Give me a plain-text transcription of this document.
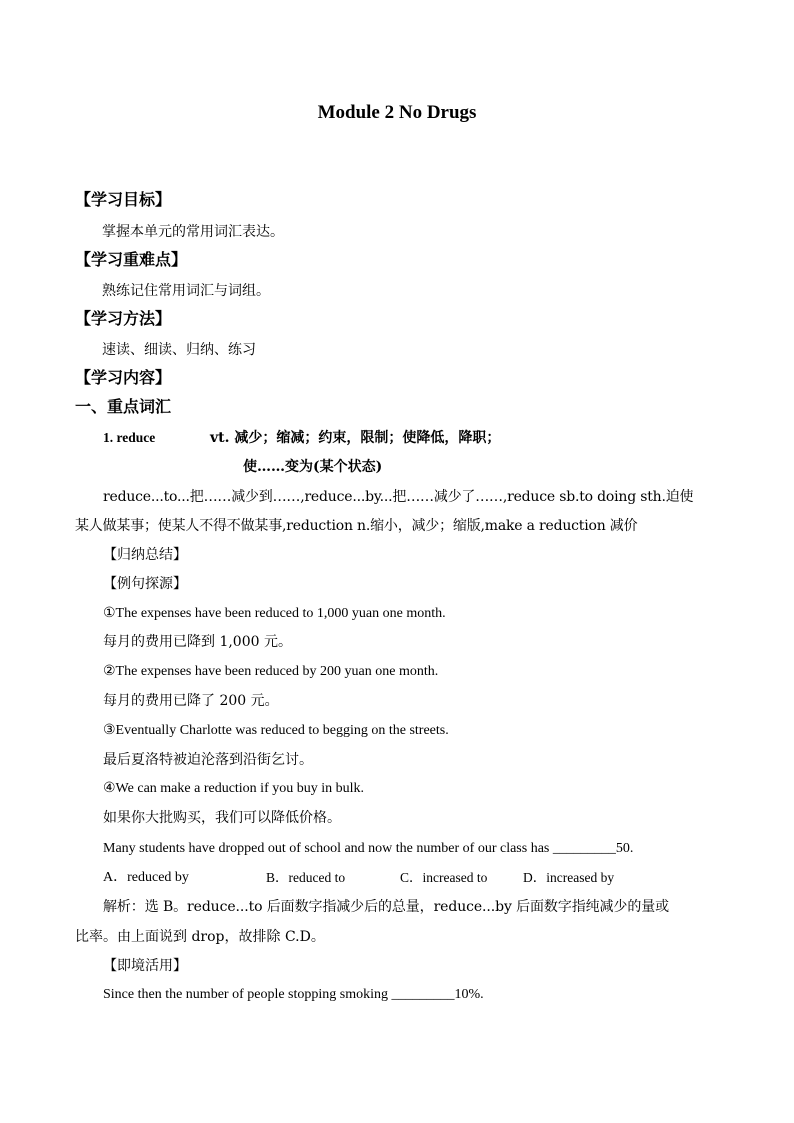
Module 2 No Drugs
【学习目标】
掌握本单元的常用词汇表达。
【学习重难点】
熟练记住常用词汇与词组。
【学习方法】
速读、细读、归纳、练习
【学习内容】
一、重点词汇
1. reduce	vt. 减少；缩减；约束，限制；使降低，降职；
使……变为(某个状态)
reduce...to...把……减少到……,reduce...by...把……减少了……,reduce sb.to doing sth.迫使
某人做某事；使某人不得不做某事,reduction n.缩小，减少；缩版,make a reduction 减价
【归纳总结】
【例句探源】
①The expenses have been reduced to 1,000 yuan one month.
每月的费用已降到 1,000 元。
②The expenses have been reduced by 200 yuan one month.
每月的费用已降了 200 元。
③Eventually Charlotte was reduced to begging on the streets.
最后夏洛特被迫沦落到沿街乞讨。
④We can make a reduction if you buy in bulk.
如果你大批购买，我们可以降低价格。
Many students have dropped out of school and now the number of our class has _________50.
A．reduced by	B．reduced to	C．increased to	D．increased by
解析：选 B。reduce...to 后面数字指减少后的总量，reduce...by 后面数字指纯减少的量或
比率。由上面说到 drop，故排除 C.D。
【即境活用】
Since then the number of people stopping smoking _________10%.
